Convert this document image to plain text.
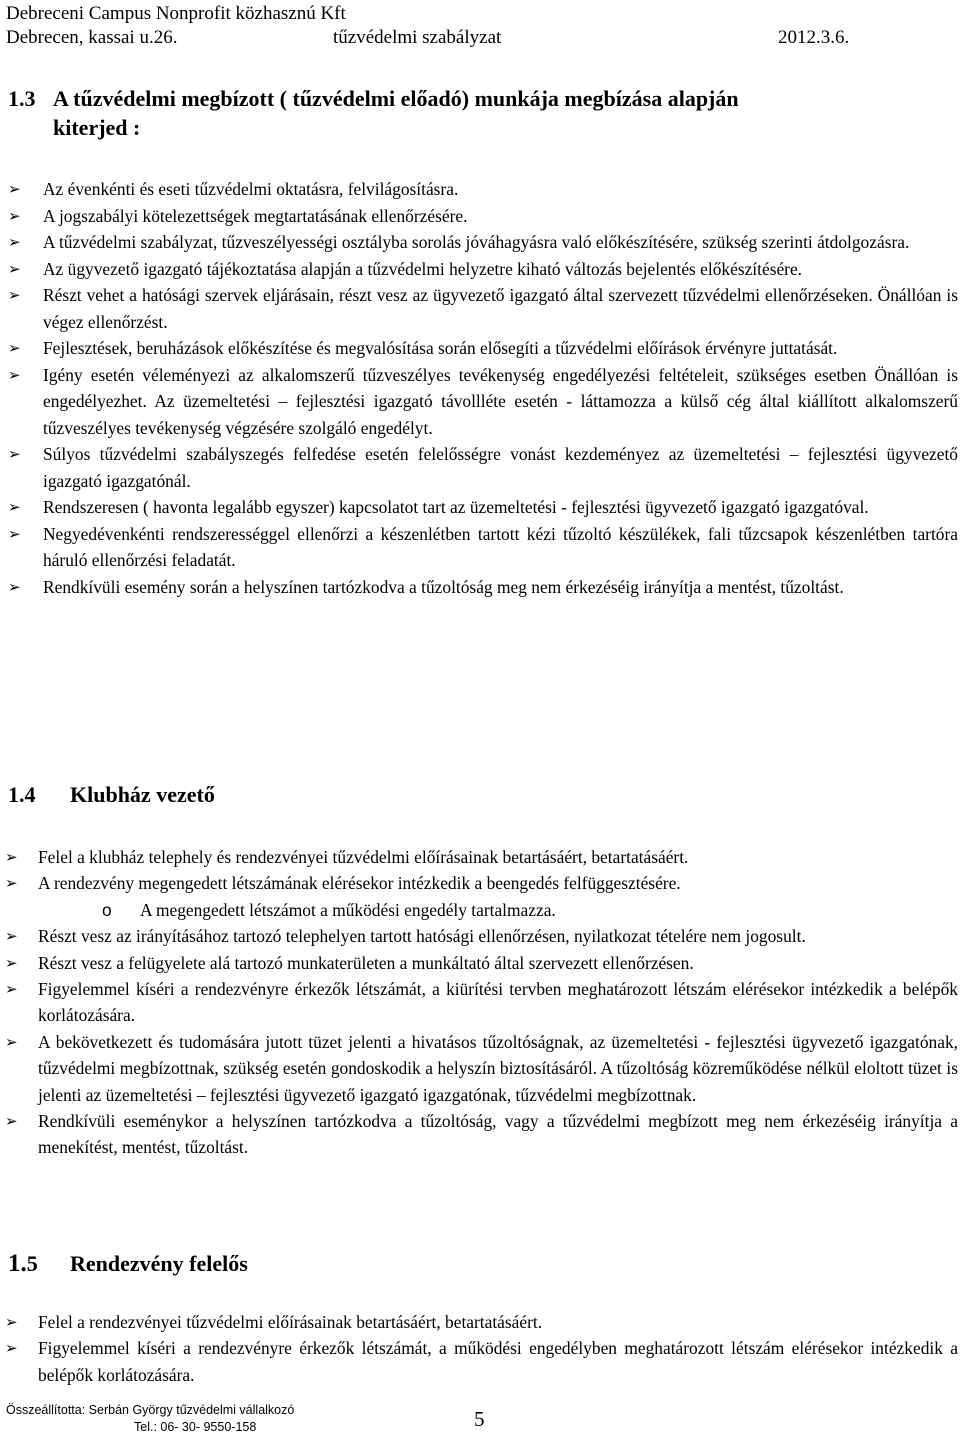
Debreceni Campus Nonprofit közhasznú Kft
Debrecen, kassai u.26.	tűzvédelmi szabályzat	2012.3.6.
1.3 A tűzvédelmi megbízott ( tűzvédelmi előadó) munkája megbízása alapján
kiterjed :
➢ Az évenkénti és eseti tűzvédelmi oktatásra, felvilágosításra.
➢ A jogszabályi kötelezettségek megtartatásának ellenőrzésére.
➢ A tűzvédelmi szabályzat, tűzveszélyességi osztályba sorolás jóváhagyásra való előkészítésére, szükség szerinti átdolgozásra.
➢ Az ügyvezető igazgató tájékoztatása alapján a tűzvédelmi helyzetre kiható változás bejelentés előkészítésére.
➢ Részt vehet a hatósági szervek eljárásain, részt vesz az ügyvezető igazgató által szervezett tűzvédelmi ellenőrzéseken. Önállóan is végez ellenőrzést.
➢ Fejlesztések, beruházások előkészítése és megvalósítása során elősegíti a tűzvédelmi előírások érvényre juttatását.
➢ Igény esetén véleményezi az alkalomszerű tűzveszélyes tevékenység engedélyezési feltételeit, szükséges esetben Önállóan is engedélyezhet. Az üzemeltetési – fejlesztési igazgató távollléte esetén - láttamozza a külső cég által kiállított alkalomszerű tűzveszélyes tevékenység végzésére szolgáló engedélyt.
➢ Súlyos tűzvédelmi szabályszegés felfedése esetén felelősségre vonást kezdeményez az üzemeltetési – fejlesztési ügyvezető igazgató igazgatónál.
➢ Rendszeresen ( havonta legalább egyszer) kapcsolatot tart az üzemeltetési - fejlesztési ügyvezető igazgató igazgatóval.
➢ Negyedévenkénti rendszerességgel ellenőrzi a készenlétben tartott kézi tűzoltó készülékek, fali tűzcsapok készenlétben tartóra háruló ellenőrzési feladatát.
➢ Rendkívüli esemény során a helyszínen tartózkodva a tűzoltóság meg nem érkezéséig irányítja a mentést, tűzoltást.
1.4 Klubház vezető
➢ Felel a klubház telephely és rendezvényei tűzvédelmi előírásainak betartásáért, betartatásáért.
➢ A rendezvény megengedett létszámának elérésekor intézkedik a beengedés felfüggesztésére.
o A megengedett létszámot a működési engedély tartalmazza.
➢ Részt vesz az irányításához tartozó telephelyen tartott hatósági ellenőrzésen, nyilatkozat tételére nem jogosult.
➢ Részt vesz a felügyelete alá tartozó munkaterületen a munkáltató által szervezett ellenőrzésen.
➢ Figyelemmel kíséri a rendezvényre érkezők létszámát, a kiürítési tervben meghatározott létszám elérésekor intézkedik a belépők korlátozására.
➢ A bekövetkezett és tudomására jutott tüzet jelenti a hivatásos tűzoltóságnak, az üzemeltetési - fejlesztési ügyvezető igazgatónak, tűzvédelmi megbízottnak, szükség esetén gondoskodik a helyszín biztosításáról. A tűzoltóság közreműködése nélkül eloltott tüzet is jelenti az üzemeltetési – fejlesztési ügyvezető igazgató igazgatónak, tűzvédelmi megbízottnak.
➢ Rendkívüli eseménykor a helyszínen tartózkodva a tűzoltóság, vagy a tűzvédelmi megbízott meg nem érkezéséig irányítja a menekítést, mentést, tűzoltást.
1.5 Rendezvény felelős
➢ Felel a rendezvényei tűzvédelmi előírásainak betartásáért, betartatásáért.
➢ Figyelemmel kíséri a rendezvényre érkezők létszámát, a működési engedélyben meghatározott létszám elérésekor intézkedik a belépők korlátozására.
Összeállította: Serbán György tűzvédelmi vállalkozó
Tel.: 06- 30- 9550-158	5
